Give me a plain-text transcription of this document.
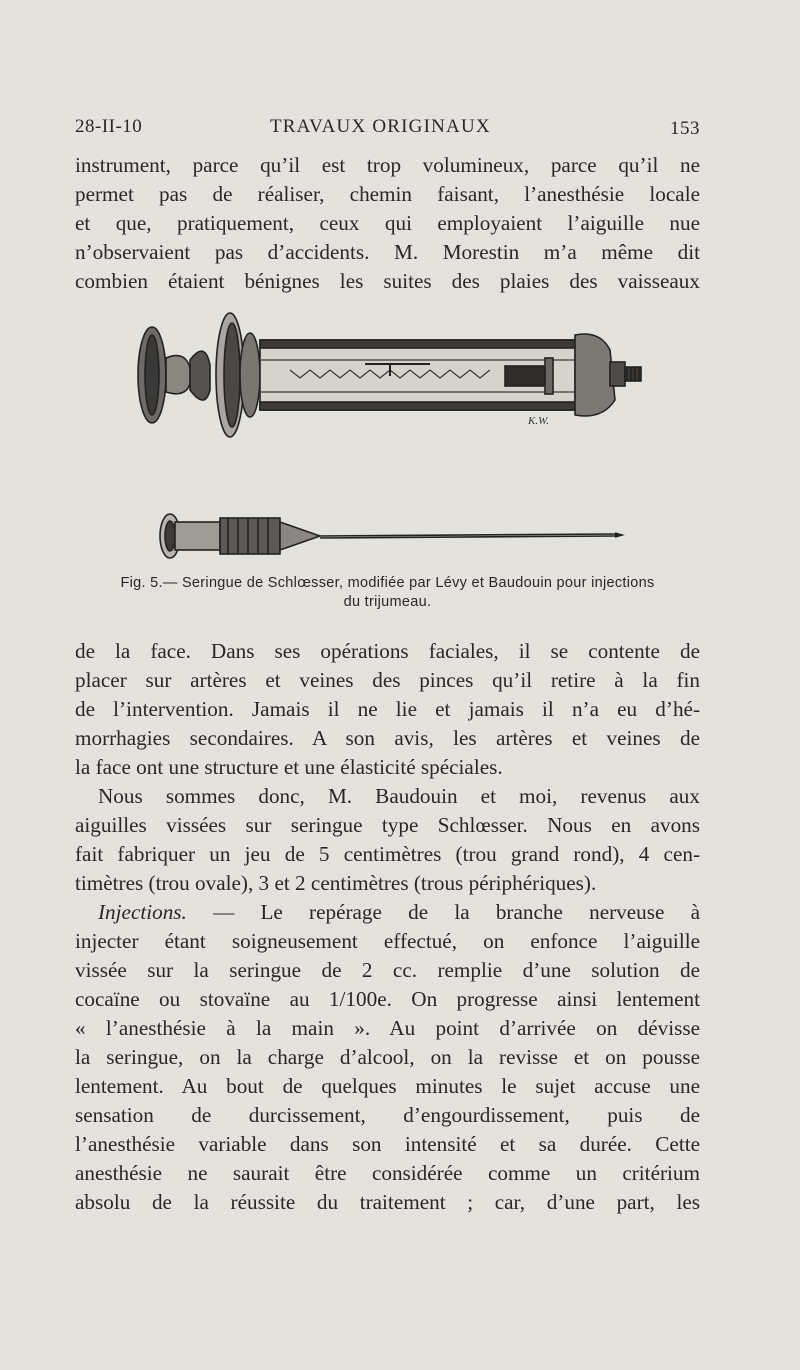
28-II-10	TRAVAUX ORIGINAUX	153
instrument, parce qu’il est trop volumineux, parce qu’il ne
permet pas de réaliser, chemin faisant, l’anesthésie locale
et que, pratiquement, ceux qui employaient l’aiguille nue
n’observaient pas d’accidents. M. Morestin m’a même dit
combien étaient bénignes les suites des plaies des vaisseaux
K.W.
Fig. 5.— Seringue de Schlœsser, modifiée par Lévy et Baudouin pour injections
du trijumeau.
de la face. Dans ses opérations faciales, il se contente de
placer sur artères et veines des pinces qu’il retire à la fin
de l’intervention. Jamais il ne lie et jamais il n’a eu d’hé-
morrhagies secondaires. A son avis, les artères et veines de
la face ont une structure et une élasticité spéciales.
Nous sommes donc, M. Baudouin et moi, revenus aux
aiguilles vissées sur seringue type Schlœsser. Nous en avons
fait fabriquer un jeu de 5 centimètres (trou grand rond), 4 cen-
timètres (trou ovale), 3 et 2 centimètres (trous périphériques).
Injections. — Le repérage de la branche nerveuse à
injecter étant soigneusement effectué, on enfonce l’aiguille
vissée sur la seringue de 2 cc. remplie d’une solution de
cocaïne ou stovaïne au 1/100e. On progresse ainsi lentement
« l’anesthésie à la main ». Au point d’arrivée on dévisse
la seringue, on la charge d’alcool, on la revisse et on pousse
lentement. Au bout de quelques minutes le sujet accuse une
sensation de durcissement, d’engourdissement, puis de
l’anesthésie variable dans son intensité et sa durée. Cette
anesthésie ne saurait être considérée comme un critérium
absolu de la réussite du traitement ; car, d’une part, les
